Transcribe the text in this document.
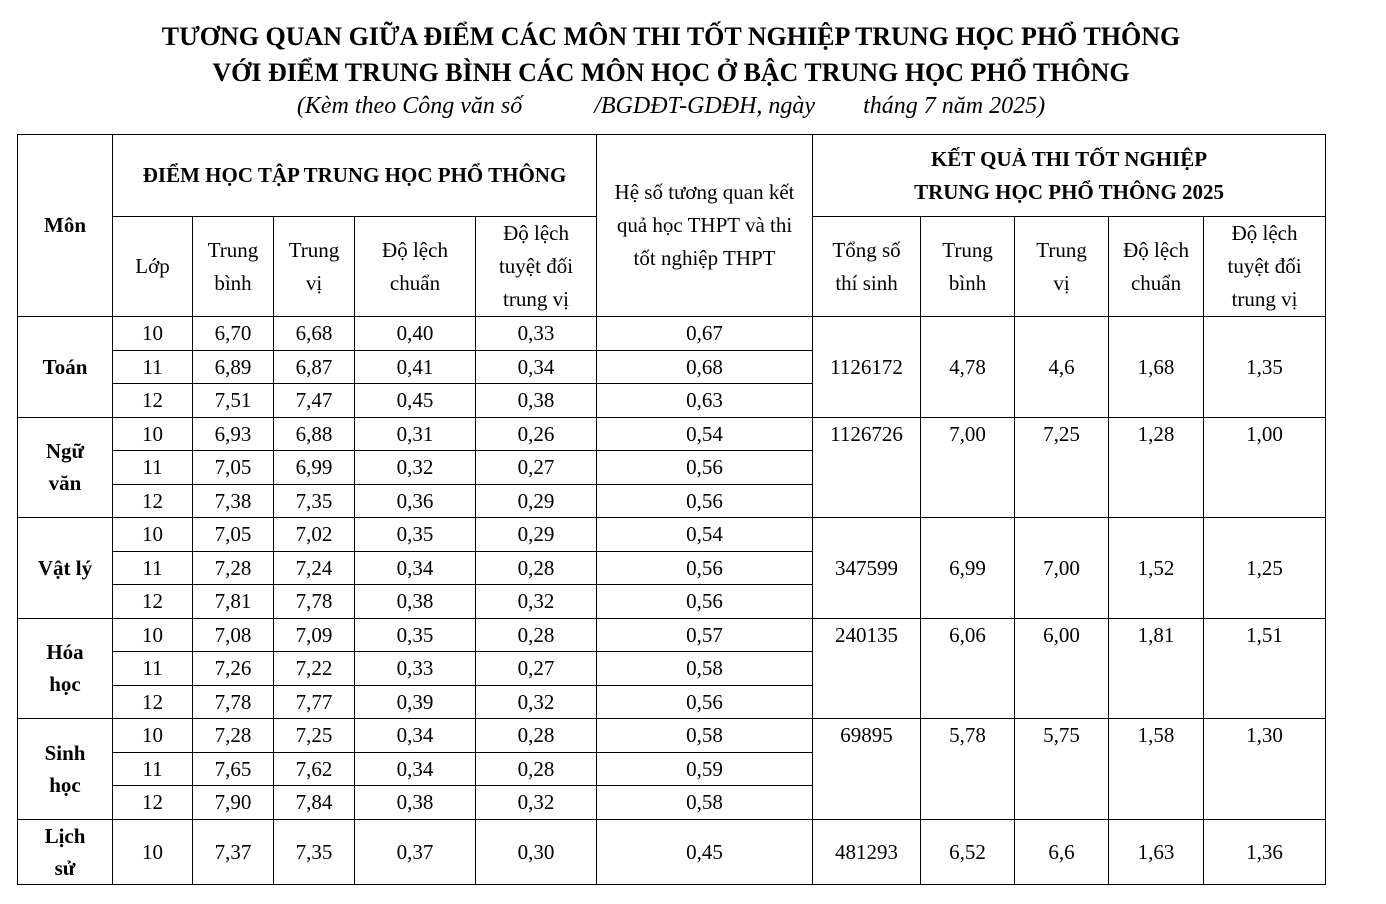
TƯƠNG QUAN GIỮA ĐIỂM CÁC MÔN THI TỐT NGHIỆP TRUNG HỌC PHỔ THÔNG
VỚI ĐIỂM TRUNG BÌNH CÁC MÔN HỌC Ở BẬC TRUNG HỌC PHỔ THÔNG
(Kèm theo Công văn số            /BGDĐT-GDĐH, ngày        tháng 7 năm 2025)
Môn	ĐIỂM HỌC TẬP TRUNG HỌC PHỔ THÔNG					Hệ số tương quan kết quả học THPT và thi tốt nghiệp THPT	KẾT QUẢ THI TỐT NGHIỆP
TRUNG HỌC PHỔ THÔNG 2025				

	Lớp	Trung bình	Trung vị	Độ lệch chuẩn	Độ lệch tuyệt đối trung vị		Tổng số thí sinh	Trung bình	Trung vị	Độ lệch chuẩn	Độ lệch tuyệt đối trung vị
Toán	10	6,70	6,68	0,40	0,33	0,67	1126172	4,78	4,6	1,68	1,35
	11	6,89	6,87	0,41	0,34	0,68					
	12	7,51	7,47	0,45	0,38	0,63					
Ngữ văn	10	6,93	6,88	0,31	0,26	0,54	1126726	7,00	7,25	1,28	1,00
	11	7,05	6,99	0,32	0,27	0,56					
	12	7,38	7,35	0,36	0,29	0,56					
Vật lý	10	7,05	7,02	0,35	0,29	0,54	347599	6,99	7,00	1,52	1,25
	11	7,28	7,24	0,34	0,28	0,56					
	12	7,81	7,78	0,38	0,32	0,56					
Hóa học	10	7,08	7,09	0,35	0,28	0,57	240135	6,06	6,00	1,81	1,51
	11	7,26	7,22	0,33	0,27	0,58					
	12	7,78	7,77	0,39	0,32	0,56					
Sinh học	10	7,28	7,25	0,34	0,28	0,58	69895	5,78	5,75	1,58	1,30
	11	7,65	7,62	0,34	0,28	0,59					
	12	7,90	7,84	0,38	0,32	0,58					
Lịch sử	10	7,37	7,35	0,37	0,30	0,45	481293	6,52	6,6	1,63	1,36
